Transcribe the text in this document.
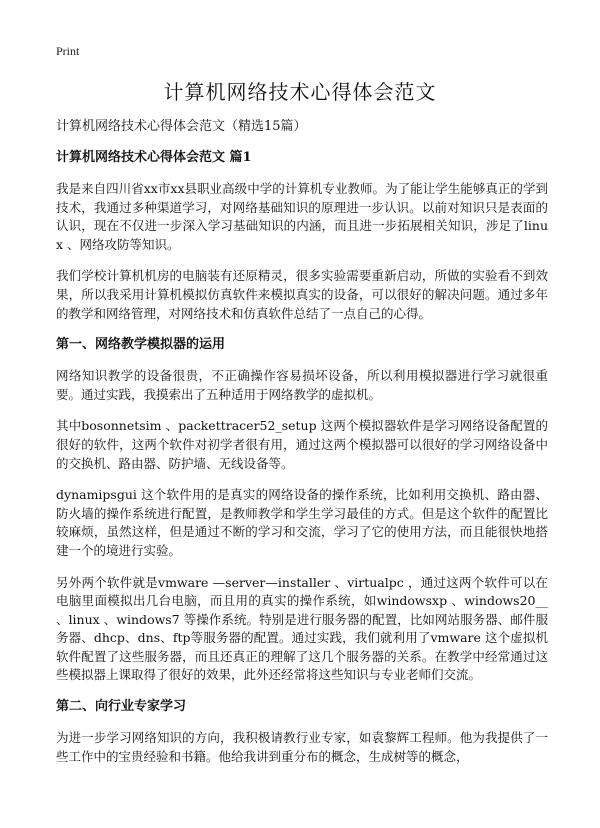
Print
计算机网络技术心得体会范文

计算机网络技术心得体会范文（精选15篇）

计算机网络技术心得体会范文 篇1

我是来自四川省xx市xx县职业高级中学的计算机专业教师。为了能让学生能够真正的学到技术，我通过多种渠道学习，对网络基础知识的原理进一步认识。以前对知识只是表面的认识，现在不仅进一步深入学习基础知识的内涵，而且进一步拓展相关知识，涉足了linux 、网络攻防等知识。

我们学校计算机机房的电脑装有还原精灵，很多实验需要重新启动，所做的实验看不到效果，所以我采用计算机模拟仿真软件来模拟真实的设备，可以很好的解决问题。通过多年的教学和网络管理，对网络技术和仿真软件总结了一点自己的心得。

第一、网络教学模拟器的运用

网络知识教学的设备很贵，不正确操作容易损坏设备，所以利用模拟器进行学习就很重要。通过实践，我摸索出了五种适用于网络教学的虚拟机。

其中bosonnetsim 、packettracer52_setup 这两个模拟器软件是学习网络设备配置的很好的软件，这两个软件对初学者很有用，通过这两个模拟器可以很好的学习网络设备中的交换机、路由器、防护墙、无线设备等。

dynamipsgui 这个软件用的是真实的网络设备的操作系统，比如利用交换机、路由器、防火墙的操作系统进行配置，是教师教学和学生学习最佳的方式。但是这个软件的配置比较麻烦，虽然这样，但是通过不断的学习和交流，学习了它的使用方法，而且能很快地搭建一个的境进行实验。

另外两个软件就是vmware —server—installer 、virtualpc ，通过这两个软件可以在电脑里面模拟出几台电脑，而且用的真实的操作系统，如windowsxp 、windows20__ 、linux 、windows7 等操作系统。特别是进行服务器的配置，比如网站服务器、邮件服务器、dhcp、dns、ftp等服务器的配置。通过实践，我们就利用了vmware 这个虚拟机软件配置了这些服务器，而且还真正的理解了这几个服务器的关系。在教学中经常通过这些模拟器上课取得了很好的效果，此外还经常将这些知识与专业老师们交流。

第二、向行业专家学习

为进一步学习网络知识的方向，我积极请教行业专家，如袁黎辉工程师。他为我提供了一些工作中的宝贵经验和书籍。他给我讲到重分布的概念，生成树等的概念，
